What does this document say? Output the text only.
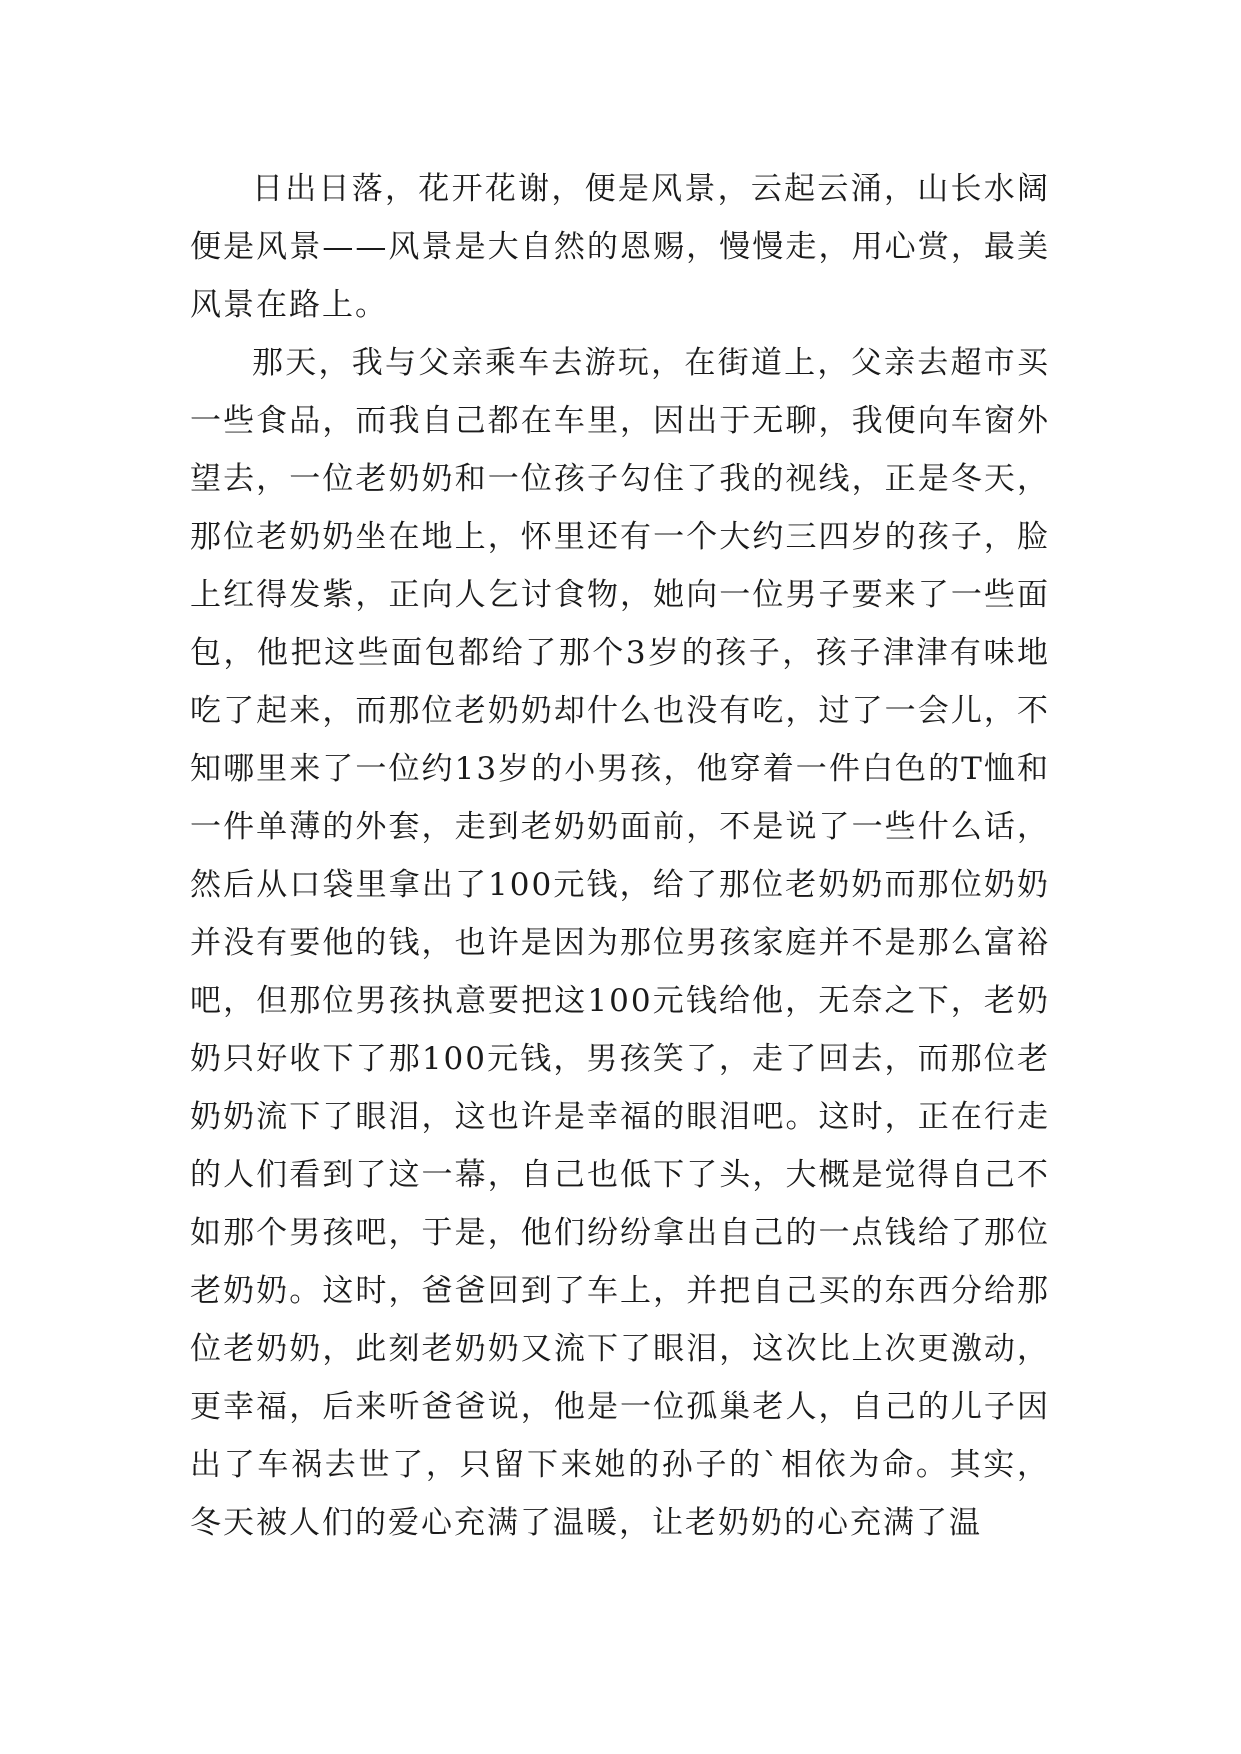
日出日落，花开花谢，便是风景，云起云涌，山长水阔便是风景——风景是大自然的恩赐，慢慢走，用心赏，最美风景在路上。

那天，我与父亲乘车去游玩，在街道上，父亲去超市买一些食品，而我自己都在车里，因出于无聊，我便向车窗外望去，一位老奶奶和一位孩子勾住了我的视线，正是冬天，那位老奶奶坐在地上，怀里还有一个大约三四岁的孩子，脸上红得发紫，正向人乞讨食物，她向一位男子要来了一些面包，他把这些面包都给了那个3岁的孩子，孩子津津有味地吃了起来，而那位老奶奶却什么也没有吃，过了一会儿，不知哪里来了一位约13岁的小男孩，他穿着一件白色的T恤和一件单薄的外套，走到老奶奶面前，不是说了一些什么话，然后从口袋里拿出了100元钱，给了那位老奶奶而那位奶奶并没有要他的钱，也许是因为那位男孩家庭并不是那么富裕吧，但那位男孩执意要把这100元钱给他，无奈之下，老奶奶只好收下了那100元钱，男孩笑了，走了回去，而那位老奶奶流下了眼泪，这也许是幸福的眼泪吧。这时，正在行走的人们看到了这一幕，自己也低下了头，大概是觉得自己不如那个男孩吧，于是，他们纷纷拿出自己的一点钱给了那位老奶奶。这时，爸爸回到了车上，并把自己买的东西分给那位老奶奶，此刻老奶奶又流下了眼泪，这次比上次更激动，更幸福，后来听爸爸说，他是一位孤巢老人，自己的儿子因出了车祸去世了，只留下来她的孙子的`相依为命。其实，冬天被人们的爱心充满了温暖，让老奶奶的心充满了温
